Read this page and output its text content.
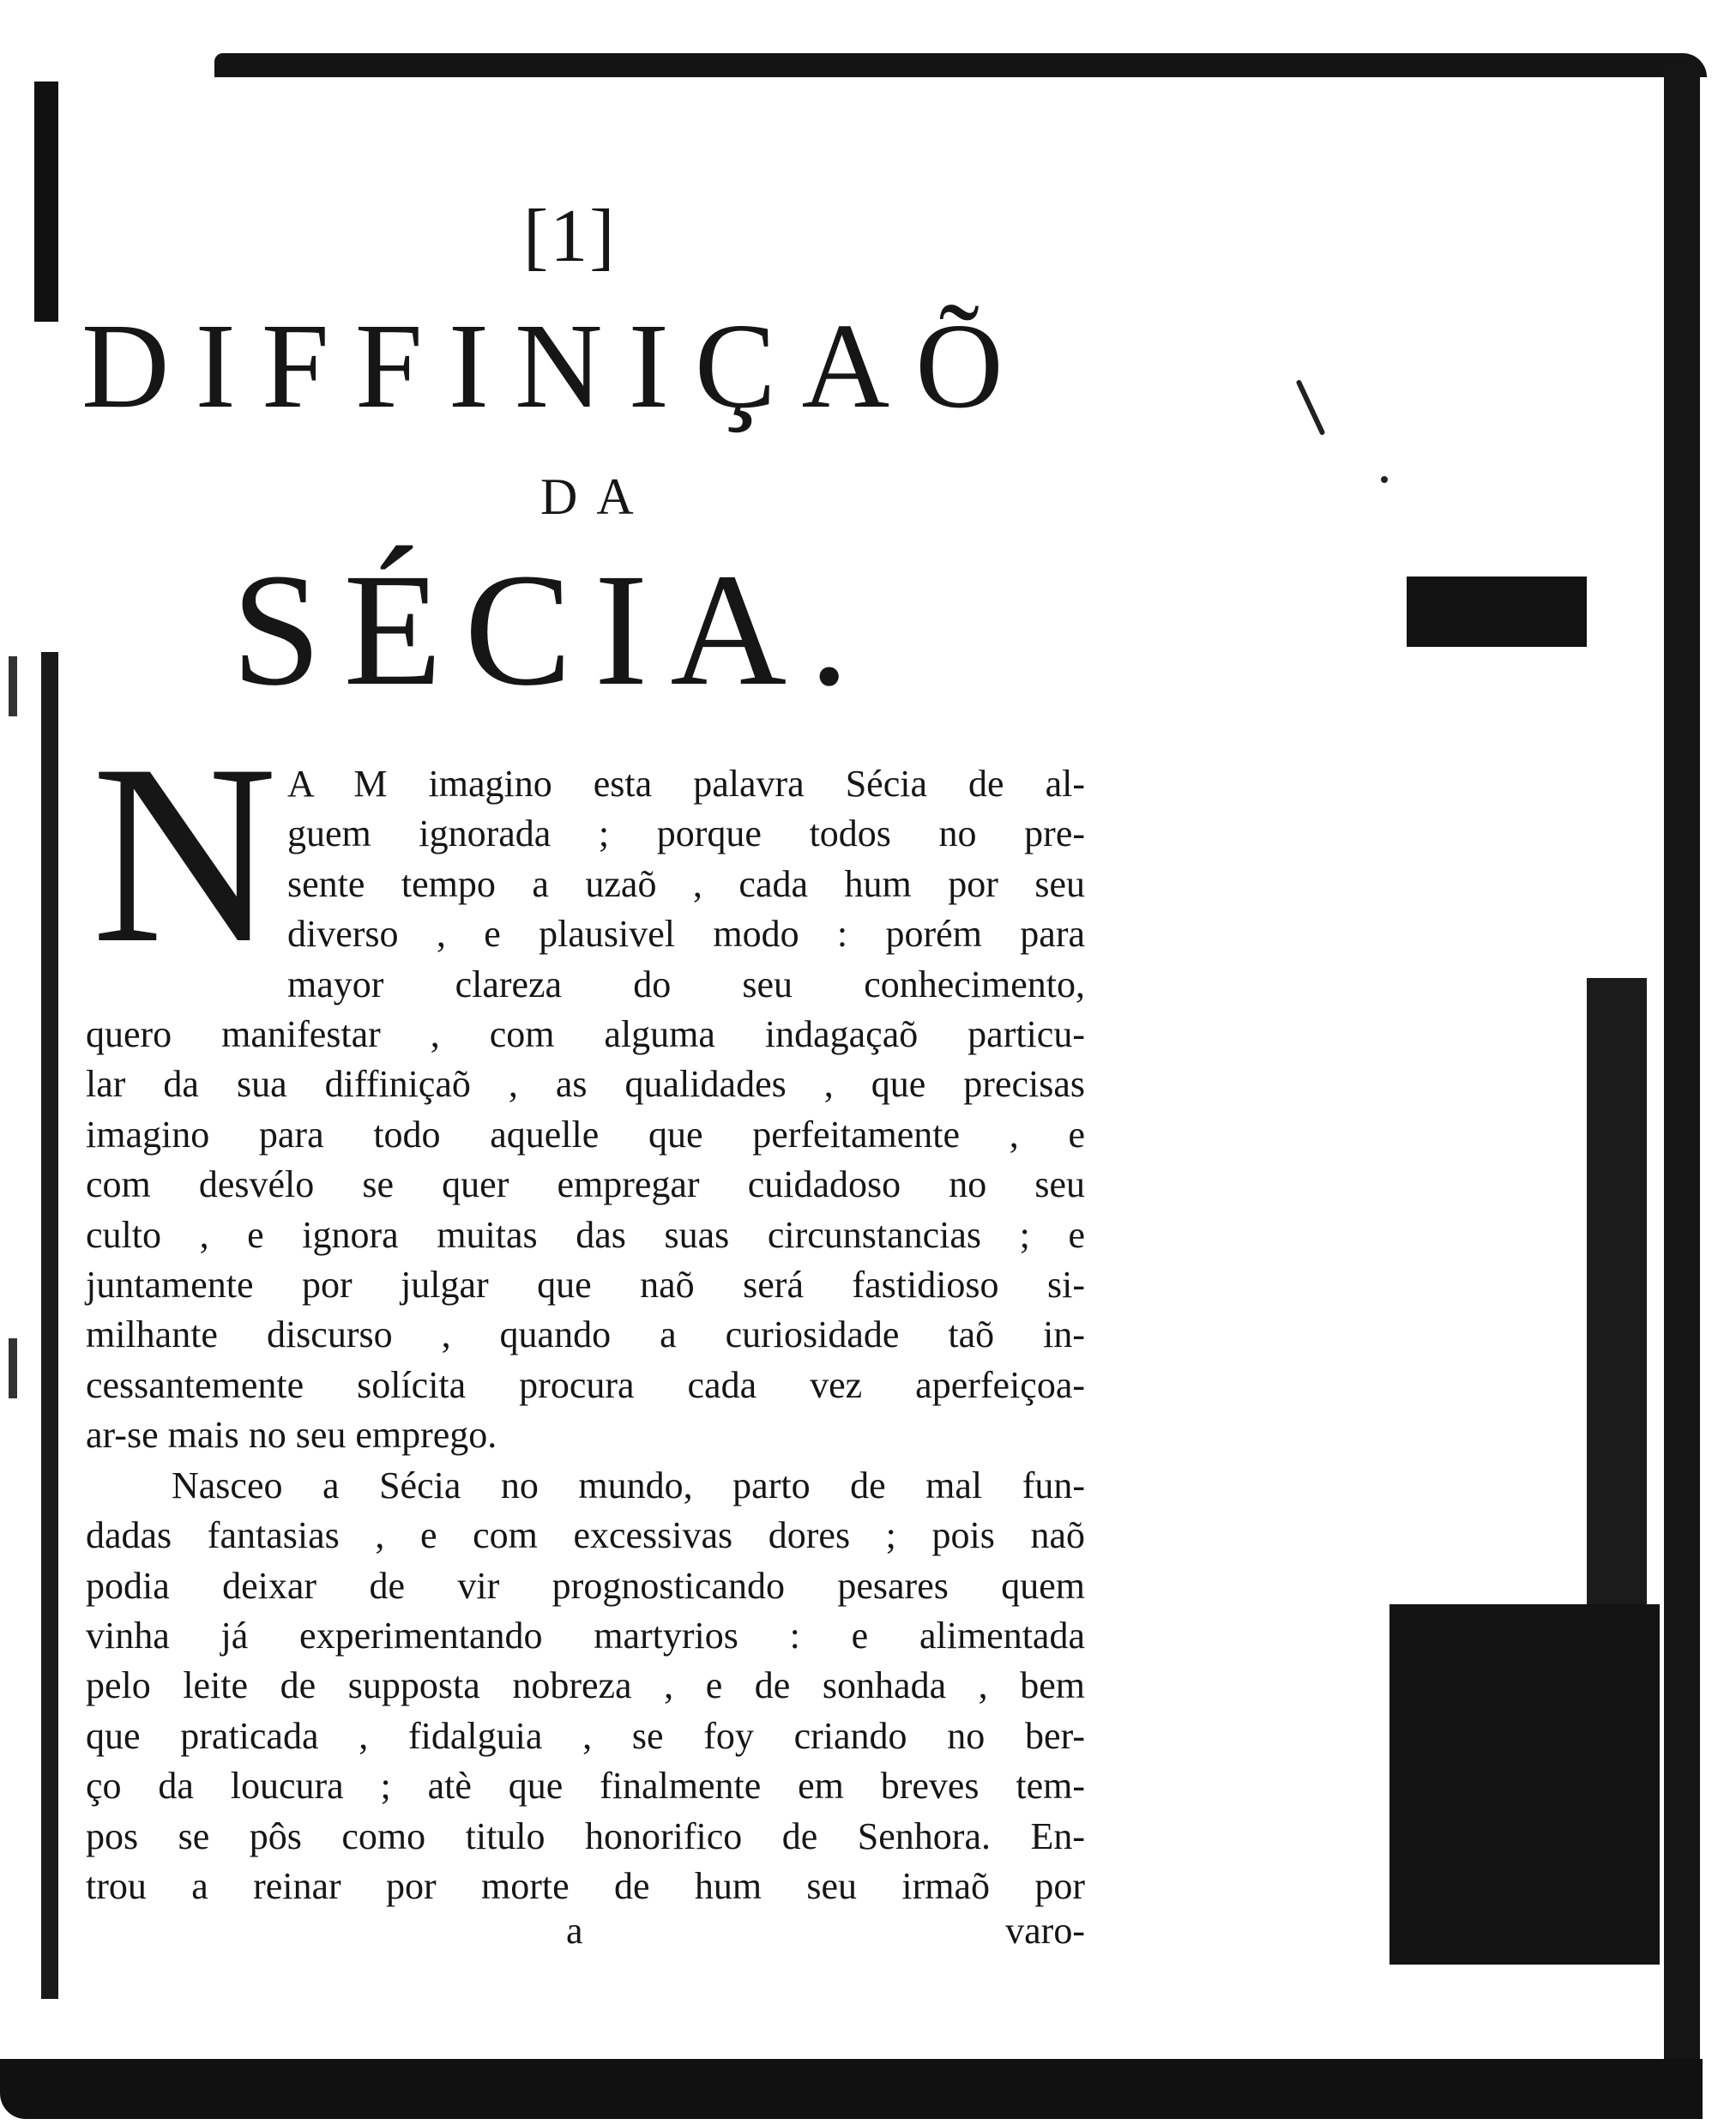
[1]
DIFFINIÇAÕ
DA
SÉCIA.
N A M imagino esta palavra Sécia de al-
guem ignorada ; porque todos no pre-
sente tempo a uzaõ , cada hum por seu
diverso , e plausivel modo : porém para
mayor clareza do seu conhecimento,
quero manifestar , com alguma indagaçaõ particu-
lar da sua diffiniçaõ , as qualidades , que precisas
imagino para todo aquelle que perfeitamente , e
com desvélo se quer empregar cuidadoso no seu
culto , e ignora muitas das suas circunstancias ; e
juntamente por julgar que naõ será fastidioso si-
milhante discurso , quando a curiosidade taõ in-
cessantemente solícita procura cada vez aperfeiçoa-
ar-se mais no seu emprego.
Nasceo a Sécia no mundo, parto de mal fun-
dadas fantasias , e com excessivas dores ; pois naõ
podia deixar de vir prognosticando pesares quem
vinha já experimentando martyrios : e alimentada
pelo leite de supposta nobreza , e de sonhada , bem
que praticada , fidalguia , se foy criando no ber-
ço da loucura ; atè que finalmente em breves tem-
pos se pôs como titulo honorifico de Senhora. En-
trou a reinar por morte de hum seu irmaõ por
a	varo-
